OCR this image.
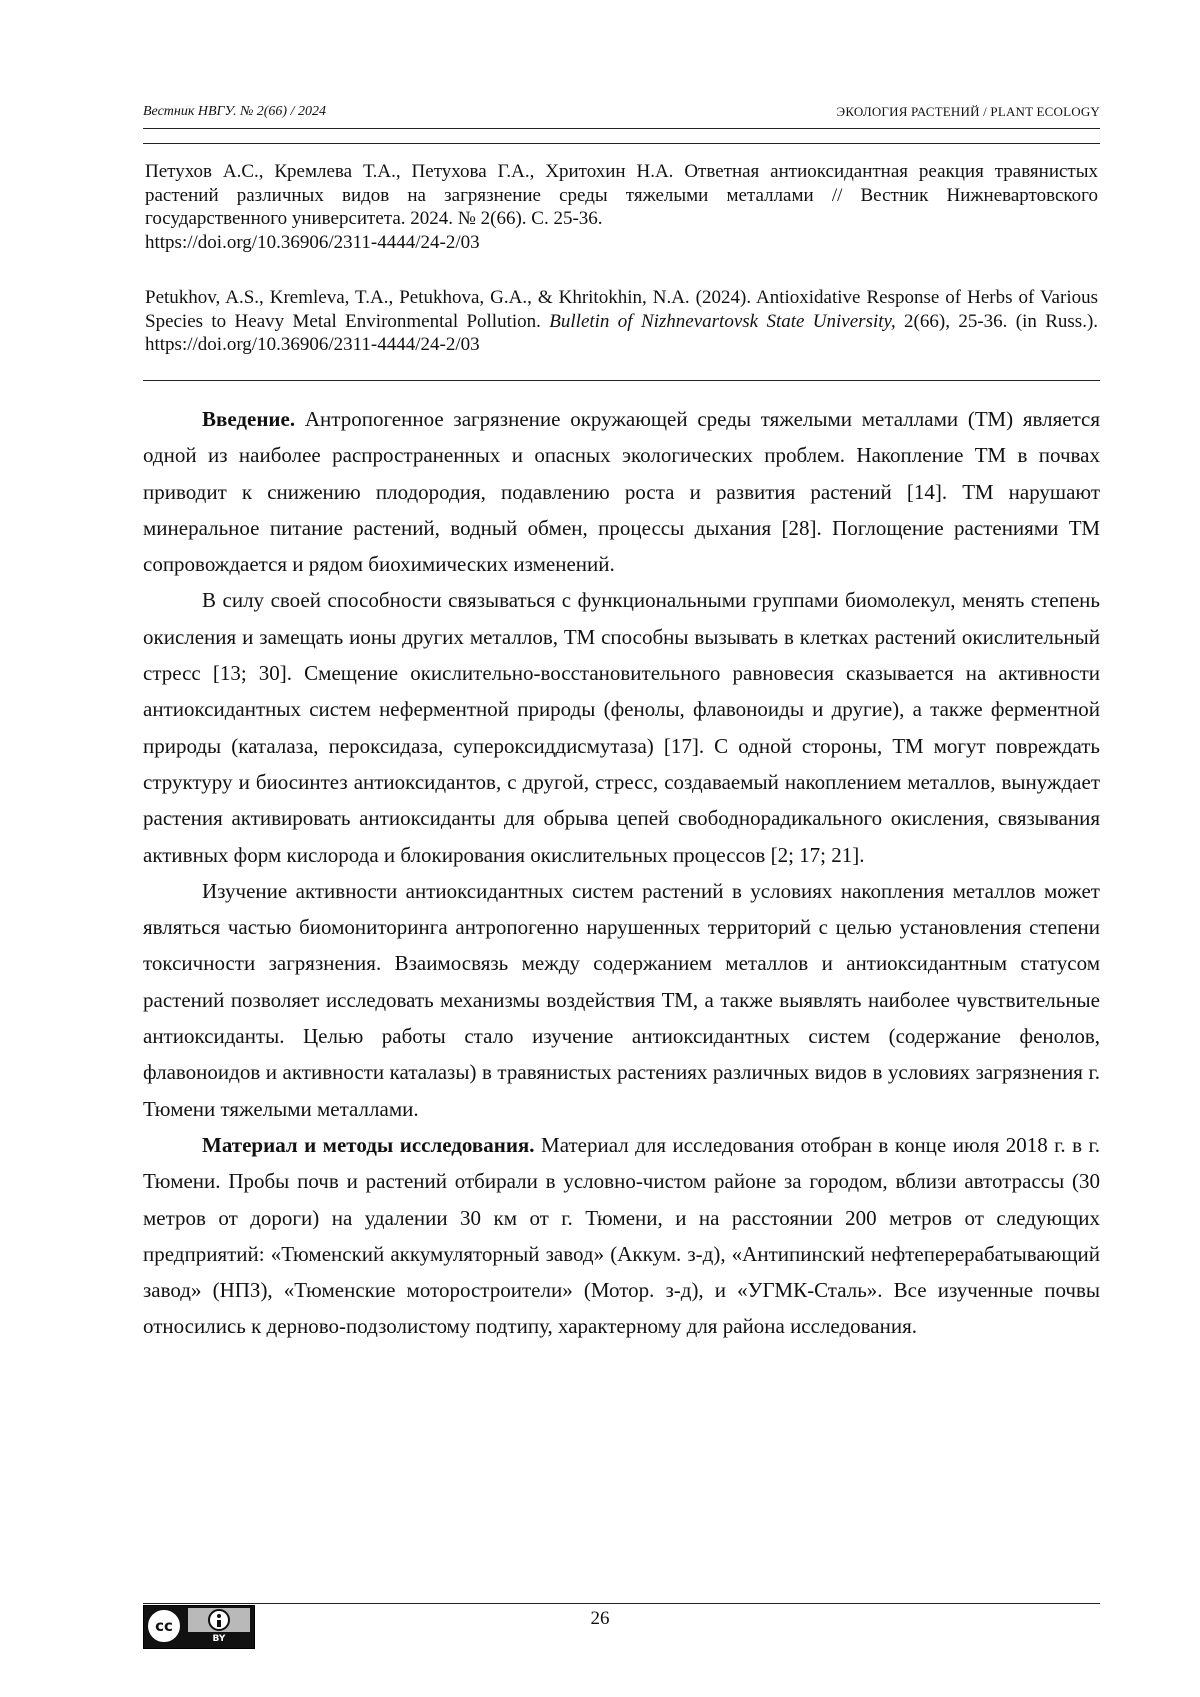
Вестник НВГУ. № 2(66) / 2024	ЭКОЛОГИЯ РАСТЕНИЙ / PLANT ECOLOGY
Петухов А.С., Кремлева Т.А., Петухова Г.А., Хритохин Н.А. Ответная антиоксидантная реакция травянистых растений различных видов на загрязнение среды тяжелыми металлами // Вестник Нижневартовского государственного университета. 2024. № 2(66). С. 25-36.
https://doi.org/10.36906/2311-4444/24-2/03
Petukhov, A.S., Kremleva, T.A., Petukhova, G.A., & Khritokhin, N.A. (2024). Antioxidative Response of Herbs of Various Species to Heavy Metal Environmental Pollution. Bulletin of Nizhnevartovsk State University, 2(66), 25-36. (in Russ.). https://doi.org/10.36906/2311-4444/24-2/03

Введение. Антропогенное загрязнение окружающей среды тяжелыми металлами (ТМ) является одной из наиболее распространенных и опасных экологических проблем. Накопление ТМ в почвах приводит к снижению плодородия, подавлению роста и развития растений [14]. ТМ нарушают минеральное питание растений, водный обмен, процессы дыхания [28]. Поглощение растениями ТМ сопровождается и рядом биохимических изменений.

В силу своей способности связываться с функциональными группами биомолекул, менять степень окисления и замещать ионы других металлов, ТМ способны вызывать в клетках растений окислительный стресс [13; 30]. Смещение окислительно-восстановительного равновесия сказывается на активности антиоксидантных систем неферментной природы (фенолы, флавоноиды и другие), а также ферментной природы (каталаза, пероксидаза, супероксиддисмутаза) [17]. С одной стороны, ТМ могут повреждать структуру и биосинтез антиоксидантов, с другой, стресс, создаваемый накоплением металлов, вынуждает растения активировать антиоксиданты для обрыва цепей свободнорадикального окисления, связывания активных форм кислорода и блокирования окислительных процессов [2; 17; 21].

Изучение активности антиоксидантных систем растений в условиях накопления металлов может являться частью биомониторинга антропогенно нарушенных территорий с целью установления степени токсичности загрязнения. Взаимосвязь между содержанием металлов и антиоксидантным статусом растений позволяет исследовать механизмы воздействия ТМ, а также выявлять наиболее чувствительные антиоксиданты. Целью работы стало изучение антиоксидантных систем (содержание фенолов, флавоноидов и активности каталазы) в травянистых растениях различных видов в условиях загрязнения г. Тюмени тяжелыми металлами.

Материал и методы исследования. Материал для исследования отобран в конце июля 2018 г. в г. Тюмени. Пробы почв и растений отбирали в условно-чистом районе за городом, вблизи автотрассы (30 метров от дороги) на удалении 30 км от г. Тюмени, и на расстоянии 200 метров от следующих предприятий: «Тюменский аккумуляторный завод» (Аккум. з-д), «Антипинский нефтеперерабатывающий завод» (НПЗ), «Тюменские моторостроители» (Мотор. з-д), и «УГМК-Сталь». Все изученные почвы относились к дерново-подзолистому подтипу, характерному для района исследования.

cc
BY
26
